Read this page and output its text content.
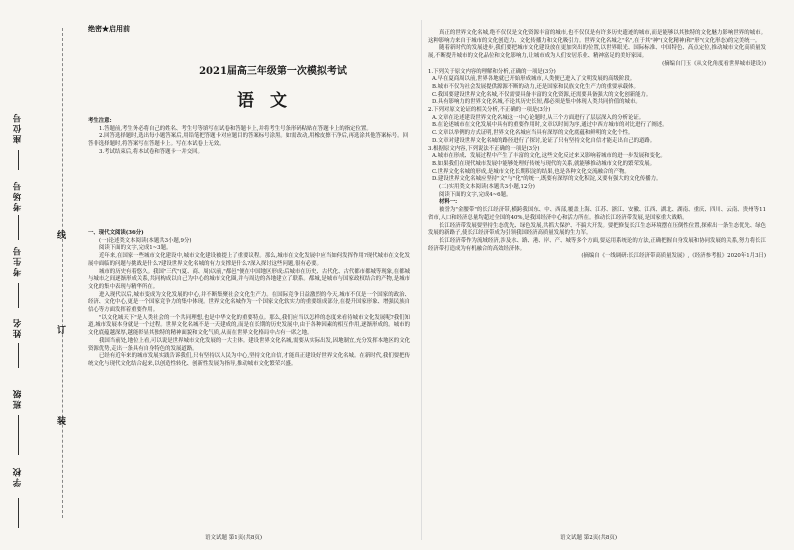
座位号
考场号
考生号
姓名
班级
学校
线
订
装
绝密★启用前
2021届高三年级第一次模拟考试
语文

考生注意:

1.答题前,考生务必将自己的姓名、考生号等填写在试卷和答题卡上,并将考生号条形码粘贴在答题卡上的指定位置。

2.回答选择题时,选出每小题答案后,用铅笔把答题卡对应题目的答案标号涂黑。如需改动,用橡皮擦干净后,再选涂其他答案标号。回答非选择题时,将答案写在答题卡上。写在本试卷上无效。

3.考试结束后,将本试卷和答题卡一并交回。

一、现代文阅读(36分)

(一)论述类文本阅读(本题共3小题,9分)

阅读下面的文字,完成1~3题。

近年来,在国家一些城市文化建设中,城市文化建设被提上了重要议程。那么,城市在文化发展中应当如何发挥作用?现代城市在文化发展中面临的问题与挑战是什么?建设世界文化名城的有力支撑是什么?深入探讨这些问题,很有必要。

城市的历史有着悠久。我国"三代"(夏、商、周)以前,"都邑"便在中国地区形成;后城市在历史、古代化、古代都市都城等现象,在都城与城市之间逐渐形成关系,共同构成以自己为中心的城市文化圈,并与周边的各地建立了联系。都城,是城市与国家政权结合的产物,是城市文化的集中表现与精华所在。

进入现代以后,城市变成为文化发展的中心,并不断集聚社会文化生产力。在国际竞争日益激烈的今天,城市不仅是一个国家的政治、经济、文化中心,更是一个国家竞争力的集中体现。世界文化名城作为一个国家文化软实力的重要组成部分,在提升国家形象、增强民族自信心等方面发挥着重要作用。

"以文化城天下"是人类社会的一个共同理想,也是中华文化的重要特点。那么,我们应当以怎样的态度来看待城市文化发展呢?我们知道,城市发展本身就是一个过程。世界文化名城不是一天建成的,而是在长期的历史发展中,由于各种因素的相互作用,逐渐形成的。城市的文化底蕴越深厚,越能彰显其独特的精神面貌和文化气质,从而在世界文化格局中占有一席之地。

我国当前处,地位上看,可以说是世界城市文化发展的一大主体。建设世界文化名城,需要从实际出发,因地制宜,充分发挥本地区的文化资源优势,走出一条具有自身特色的发展道路。

已经有近年来的城市发展实践告诉我们,只有坚持以人民为中心,坚持文化自信,才能真正建设好世界文化名城。在新时代,我们要把传统文化与现代文化结合起来,以创造性转化、创新性发展为指导,推动城市文化繁荣兴盛。

语文试题 第1页(共8页)

真正的世界文化名城,绝不仅仅是文化资源丰富的城市,也不仅仅是有许多历史遗迹的城市,而是能够以其独特的文化魅力影响世界的城市。这种影响力来自于城市的文化创造力、文化传播力和文化吸引力。世界文化名城之"名",在于其"神"(文化精神)和"形"(文化形态)的完美统一。

随着新时代的发展进步,我们要把城市文化建设放在更加突出的位置,以世界眼光、国际标准、中国特色、高点定位,推动城市文化高质量发展,不断提升城市的文化品位和文化影响力,让城市成为人们安居乐业、精神富足的美好家园。

(摘编自门玉《从文化角度看世界城市建设》)

1.下列关于原文内容的理解和分析,正确的一项是(3分)

A.早在夏商周以前,世界各地就已开始形成城市,人类便已进入了文明发展的高级阶段。

B.城市不仅为社会发展提供源源不断的动力,还是国家和民族文化生产力的重要承载体。

C.我国要建设世界文化名城,不仅需要具备丰富的文化资源,还需要具备强大的文化创新能力。

D.具有影响力的世界文化名城,不论其历史长短,都必须是集中体现人类共同价值的城市。

2.下列对原文论证的相关分析,不正确的一项是(3分)

A.文章在论述建设世界文化名城这一中心论题时,从三个方面进行了层层深入的分析论证。

B.在论述城市在文化发展中具有的重要作用时,文章以时间为序,通过中西方城市的对比进行了阐述。

C.文章以举例的方式证明,世界文化名城应当具有深厚的文化底蕴和鲜明的文化个性。

D.文章对建设世界文化名城的路径进行了探讨,论证了只有坚持文化自信才能走出自己的道路。

3.根据原文内容,下列说法不正确的一项是(3分)

A.城市在形成、发展过程中产生了丰富的文化,这些文化反过来又影响着城市的进一步发展和变化。

B.如果我们在现代城市发展中能够处理好传统与现代的关系,就能够推动城市文化的繁荣发展。

C.世界文化名城的形成,是城市文化长期积淀的结果,也是各种文化交流融合的产物。

D.建设世界文化名城应坚持"文"与"化"的统一,既要有深厚的文化积淀,又要有强大的文化传播力。

(二)实用类文本阅读(本题共3小题,12分)

阅读下面的文字,完成4~6题。

材料一:

被誉为"金腰带"的长江经济带,横跨我国东、中、西部,覆盖上海、江苏、浙江、安徽、江西、湖北、湖南、重庆、四川、云南、贵州等11省市,人口和经济总量均超过全国的40%,是我国经济中心和活力所在。推动长江经济带发展,是国家重大战略。

长江经济带发展要坚持生态优先、绿色发展,共抓大保护、不搞大开发。要把修复长江生态环境摆在压倒性位置,探索出一条生态优先、绿色发展的新路子,使长江经济带成为引领我国经济高质量发展的生力军。

长江经济带作为流域经济,涉及水、路、港、岸、产、城等多个方面,要运用系统论的方法,正确把握自身发展和协同发展的关系,努力将长江经济带打造成为有机融合的高效经济体。

(摘编自《一线调研:长江经济带高质量发展》,《经济参考报》2020年1月3日)

语文试题 第2页(共8页)
